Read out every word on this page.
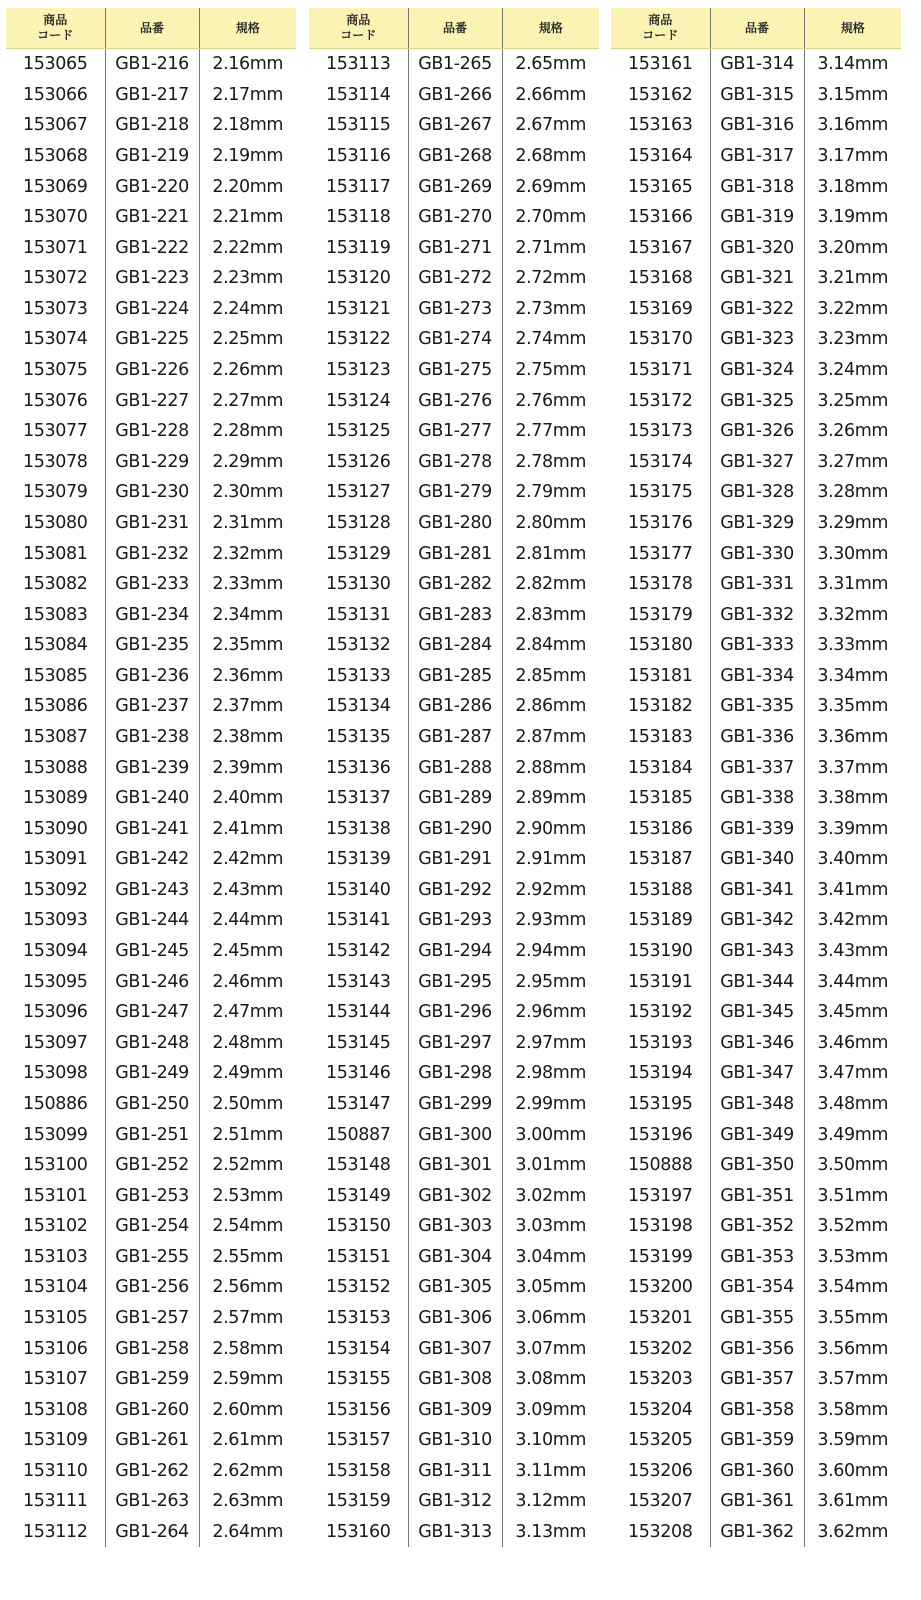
商品
コード	品番	規格
153065	GB1-216	2.16mm
153066	GB1-217	2.17mm
153067	GB1-218	2.18mm
153068	GB1-219	2.19mm
153069	GB1-220	2.20mm
153070	GB1-221	2.21mm
153071	GB1-222	2.22mm
153072	GB1-223	2.23mm
153073	GB1-224	2.24mm
153074	GB1-225	2.25mm
153075	GB1-226	2.26mm
153076	GB1-227	2.27mm
153077	GB1-228	2.28mm
153078	GB1-229	2.29mm
153079	GB1-230	2.30mm
153080	GB1-231	2.31mm
153081	GB1-232	2.32mm
153082	GB1-233	2.33mm
153083	GB1-234	2.34mm
153084	GB1-235	2.35mm
153085	GB1-236	2.36mm
153086	GB1-237	2.37mm
153087	GB1-238	2.38mm
153088	GB1-239	2.39mm
153089	GB1-240	2.40mm
153090	GB1-241	2.41mm
153091	GB1-242	2.42mm
153092	GB1-243	2.43mm
153093	GB1-244	2.44mm
153094	GB1-245	2.45mm
153095	GB1-246	2.46mm
153096	GB1-247	2.47mm
153097	GB1-248	2.48mm
153098	GB1-249	2.49mm
150886	GB1-250	2.50mm
153099	GB1-251	2.51mm
153100	GB1-252	2.52mm
153101	GB1-253	2.53mm
153102	GB1-254	2.54mm
153103	GB1-255	2.55mm
153104	GB1-256	2.56mm
153105	GB1-257	2.57mm
153106	GB1-258	2.58mm
153107	GB1-259	2.59mm
153108	GB1-260	2.60mm
153109	GB1-261	2.61mm
153110	GB1-262	2.62mm
153111	GB1-263	2.63mm
153112	GB1-264	2.64mm
商品
コード	品番	規格
153113	GB1-265	2.65mm
153114	GB1-266	2.66mm
153115	GB1-267	2.67mm
153116	GB1-268	2.68mm
153117	GB1-269	2.69mm
153118	GB1-270	2.70mm
153119	GB1-271	2.71mm
153120	GB1-272	2.72mm
153121	GB1-273	2.73mm
153122	GB1-274	2.74mm
153123	GB1-275	2.75mm
153124	GB1-276	2.76mm
153125	GB1-277	2.77mm
153126	GB1-278	2.78mm
153127	GB1-279	2.79mm
153128	GB1-280	2.80mm
153129	GB1-281	2.81mm
153130	GB1-282	2.82mm
153131	GB1-283	2.83mm
153132	GB1-284	2.84mm
153133	GB1-285	2.85mm
153134	GB1-286	2.86mm
153135	GB1-287	2.87mm
153136	GB1-288	2.88mm
153137	GB1-289	2.89mm
153138	GB1-290	2.90mm
153139	GB1-291	2.91mm
153140	GB1-292	2.92mm
153141	GB1-293	2.93mm
153142	GB1-294	2.94mm
153143	GB1-295	2.95mm
153144	GB1-296	2.96mm
153145	GB1-297	2.97mm
153146	GB1-298	2.98mm
153147	GB1-299	2.99mm
150887	GB1-300	3.00mm
153148	GB1-301	3.01mm
153149	GB1-302	3.02mm
153150	GB1-303	3.03mm
153151	GB1-304	3.04mm
153152	GB1-305	3.05mm
153153	GB1-306	3.06mm
153154	GB1-307	3.07mm
153155	GB1-308	3.08mm
153156	GB1-309	3.09mm
153157	GB1-310	3.10mm
153158	GB1-311	3.11mm
153159	GB1-312	3.12mm
153160	GB1-313	3.13mm
商品
コード	品番	規格
153161	GB1-314	3.14mm
153162	GB1-315	3.15mm
153163	GB1-316	3.16mm
153164	GB1-317	3.17mm
153165	GB1-318	3.18mm
153166	GB1-319	3.19mm
153167	GB1-320	3.20mm
153168	GB1-321	3.21mm
153169	GB1-322	3.22mm
153170	GB1-323	3.23mm
153171	GB1-324	3.24mm
153172	GB1-325	3.25mm
153173	GB1-326	3.26mm
153174	GB1-327	3.27mm
153175	GB1-328	3.28mm
153176	GB1-329	3.29mm
153177	GB1-330	3.30mm
153178	GB1-331	3.31mm
153179	GB1-332	3.32mm
153180	GB1-333	3.33mm
153181	GB1-334	3.34mm
153182	GB1-335	3.35mm
153183	GB1-336	3.36mm
153184	GB1-337	3.37mm
153185	GB1-338	3.38mm
153186	GB1-339	3.39mm
153187	GB1-340	3.40mm
153188	GB1-341	3.41mm
153189	GB1-342	3.42mm
153190	GB1-343	3.43mm
153191	GB1-344	3.44mm
153192	GB1-345	3.45mm
153193	GB1-346	3.46mm
153194	GB1-347	3.47mm
153195	GB1-348	3.48mm
153196	GB1-349	3.49mm
150888	GB1-350	3.50mm
153197	GB1-351	3.51mm
153198	GB1-352	3.52mm
153199	GB1-353	3.53mm
153200	GB1-354	3.54mm
153201	GB1-355	3.55mm
153202	GB1-356	3.56mm
153203	GB1-357	3.57mm
153204	GB1-358	3.58mm
153205	GB1-359	3.59mm
153206	GB1-360	3.60mm
153207	GB1-361	3.61mm
153208	GB1-362	3.62mm
